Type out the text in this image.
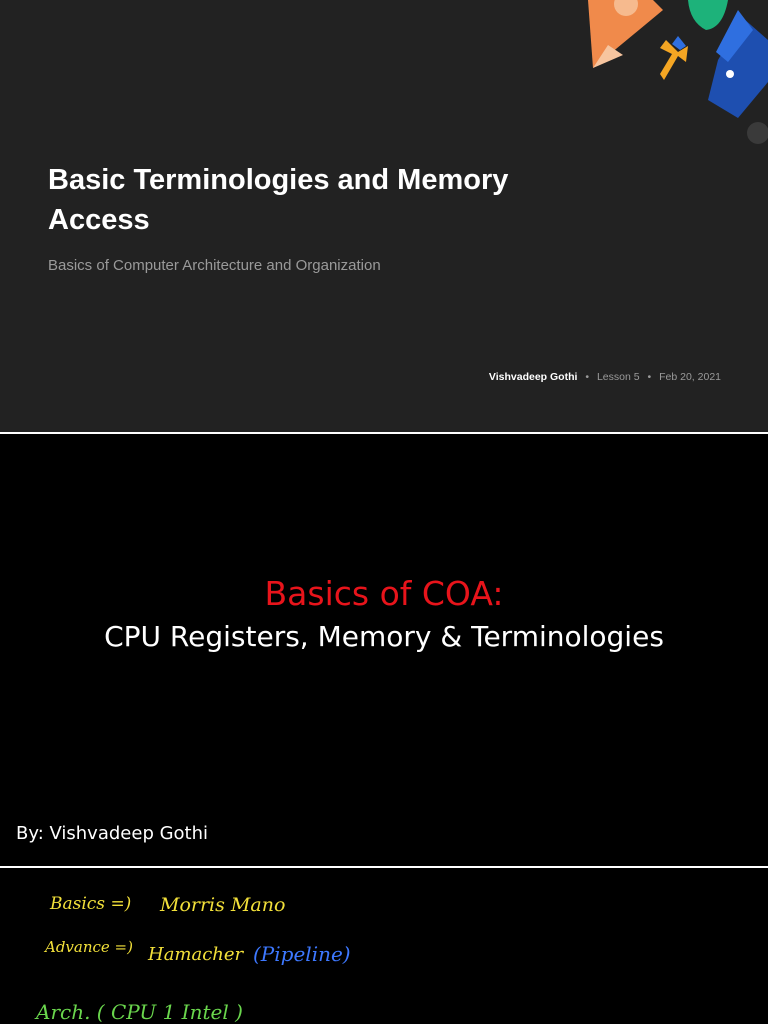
Basic Terminologies and Memory Access
Basics of Computer Architecture and Organization
Vishvadeep Gothi • Lesson 5 • Feb 20, 2021
Basics of COA:
CPU Registers, Memory & Terminologies
By: Vishvadeep Gothi
Basics =) Morris Mano
Advance =) Hamacher (Pipeline)
Arch. ( CPU 1 Intel )
